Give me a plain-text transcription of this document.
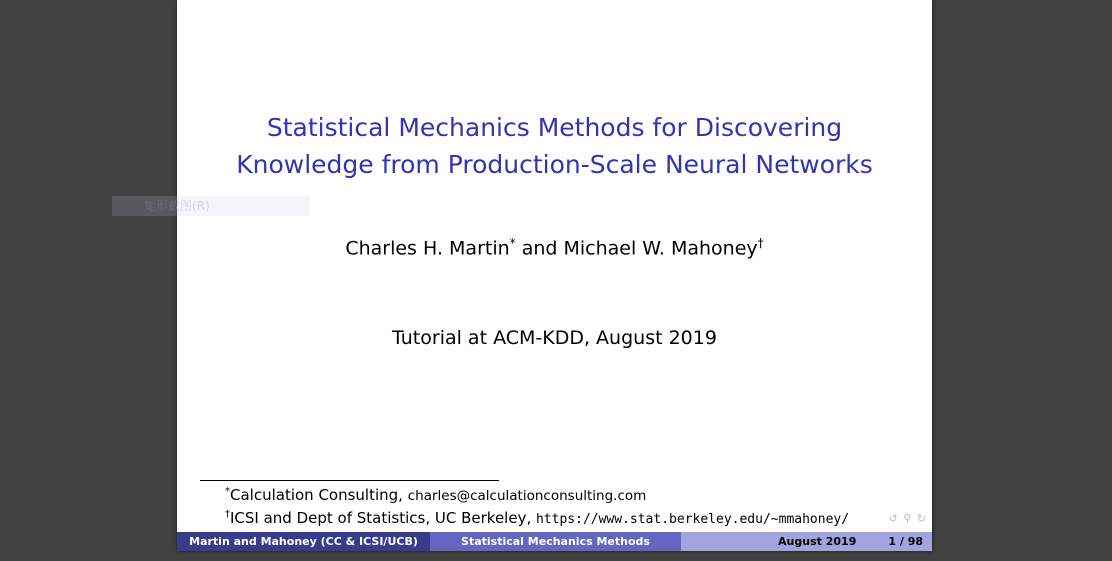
Statistical Mechanics Methods for Discovering
Knowledge from Production-Scale Neural Networks
Charles H. Martin* and Michael W. Mahoney†
Tutorial at ACM-KDD, August 2019
*Calculation Consulting, charles@calculationconsulting.com
†ICSI and Dept of Statistics, UC Berkeley, https://www.stat.berkeley.edu/~mmahoney/	↺ ⚲ ↻
Martin and Mahoney (CC & ICSI/UCB)	Statistical Mechanics Methods	August 2019	1 / 98
矩形截图(R)
